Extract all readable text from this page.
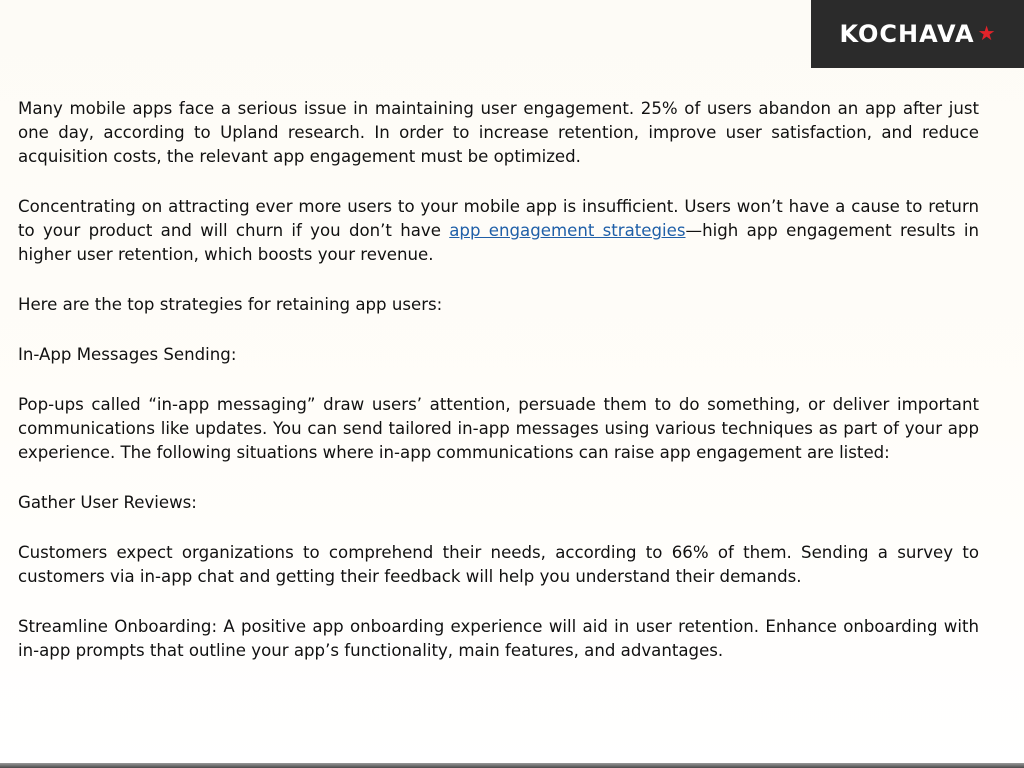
KOCHAVA ★

Many mobile apps face a serious issue in maintaining user engagement. 25% of users abandon an app after just one day, according to Upland research. In order to increase retention, improve user satisfaction, and reduce acquisition costs, the relevant app engagement must be optimized.

Concentrating on attracting ever more users to your mobile app is insufficient. Users won’t have a cause to return to your product and will churn if you don’t have app engagement strategies—high app engagement results in higher user retention, which boosts your revenue.

Here are the top strategies for retaining app users:

In-App Messages Sending:

Pop-ups called “in-app messaging” draw users’ attention, persuade them to do something, or deliver important communications like updates. You can send tailored in-app messages using various techniques as part of your app experience. The following situations where in-app communications can raise app engagement are listed:

Gather User Reviews:

Customers expect organizations to comprehend their needs, according to 66% of them. Sending a survey to customers via in-app chat and getting their feedback will help you understand their demands.

Streamline Onboarding: A positive app onboarding experience will aid in user retention. Enhance onboarding with in-app prompts that outline your app’s functionality, main features, and advantages.
